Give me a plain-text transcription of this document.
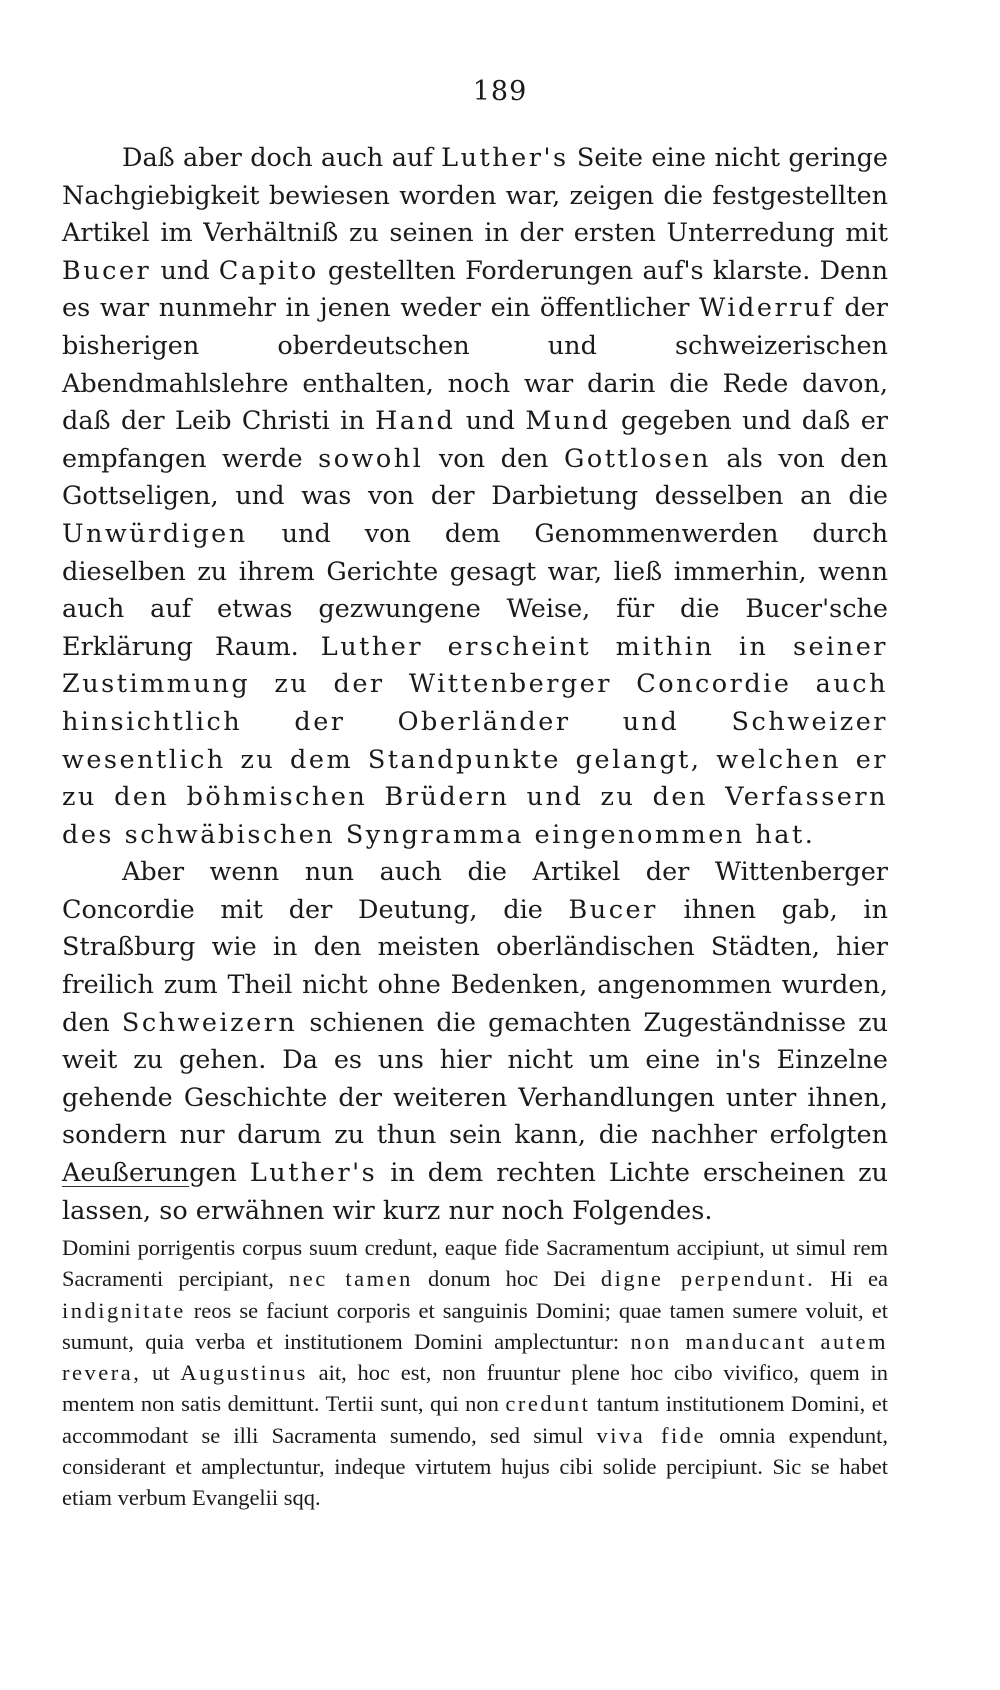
189

Daß aber doch auch auf Luther's Seite eine nicht geringe Nachgiebigkeit bewiesen worden war, zeigen die festgestellten Artikel im Verhältniß zu seinen in der ersten Unterredung mit Bucer und Capito gestellten Forderungen auf's klarste. Denn es war nunmehr in jenen weder ein öffentlicher Widerruf der bisherigen oberdeutschen und schweizerischen Abendmahlslehre enthalten, noch war darin die Rede davon, daß der Leib Christi in Hand und Mund gegeben und daß er empfangen werde sowohl von den Gottlosen als von den Gottseligen, und was von der Darbietung desselben an die Unwürdigen und von dem Genommenwerden durch dieselben zu ihrem Gerichte gesagt war, ließ immerhin, wenn auch auf etwas gezwungene Weise, für die Bucer'sche Erklärung Raum. Luther erscheint mithin in seiner Zustimmung zu der Wittenberger Concordie auch hinsichtlich der Oberländer und Schweizer wesentlich zu dem Standpunkte gelangt, welchen er zu den böhmischen Brüdern und zu den Verfassern des schwäbischen Syngramma eingenommen hat.

Aber wenn nun auch die Artikel der Wittenberger Concordie mit der Deutung, die Bucer ihnen gab, in Straßburg wie in den meisten oberländischen Städten, hier freilich zum Theil nicht ohne Bedenken, angenommen wurden, den Schweizern schienen die gemachten Zugeständnisse zu weit zu gehen. Da es uns hier nicht um eine in's Einzelne gehende Geschichte der weiteren Verhandlungen unter ihnen, sondern nur darum zu thun sein kann, die nachher erfolgten Aeußerungen Luther's in dem rechten Lichte erscheinen zu lassen, so erwähnen wir kurz nur noch Folgendes.

Domini porrigentis corpus suum credunt, eaque fide Sacramentum accipiunt, ut simul rem Sacramenti percipiant, nec tamen donum hoc Dei digne perpendunt. Hi ea indignitate reos se faciunt corporis et sanguinis Domini; quae tamen sumere voluit, et sumunt, quia verba et institutionem Domini amplectuntur: non manducant autem revera, ut Augustinus ait, hoc est, non fruuntur plene hoc cibo vivifico, quem in mentem non satis demittunt. Tertii sunt, qui non credunt tantum institutionem Domini, et accommodant se illi Sacramenta sumendo, sed simul viva fide omnia expendunt, considerant et amplectuntur, indeque virtutem hujus cibi solide percipiunt. Sic se habet etiam verbum Evangelii sqq.
